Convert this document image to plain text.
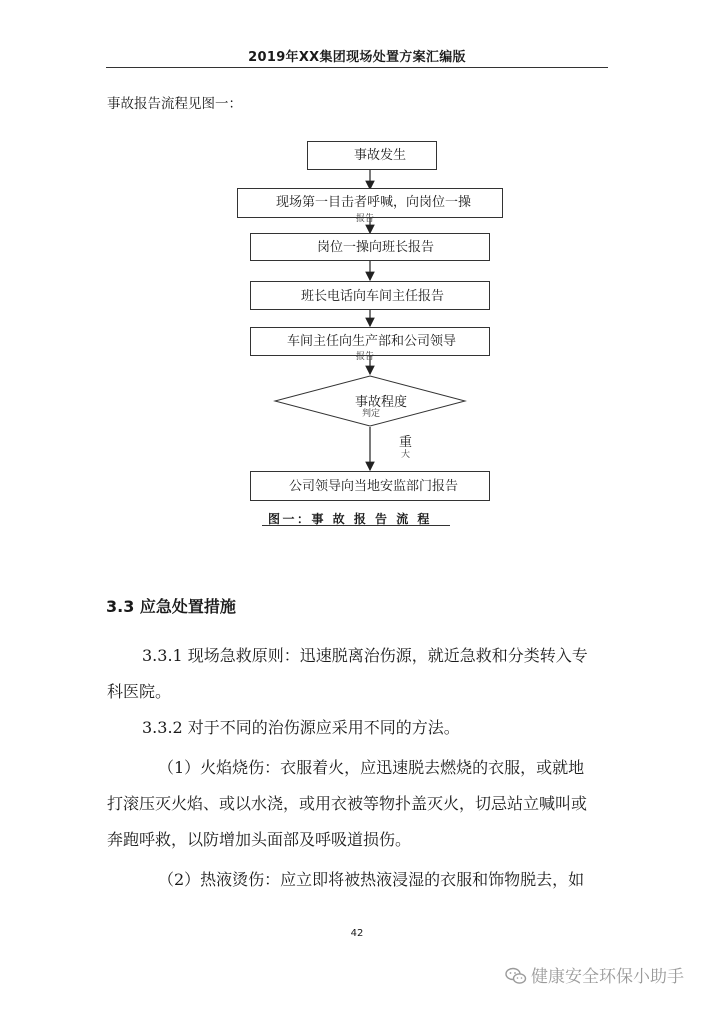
2019年XX集团现场处置方案汇编版
事故报告流程见图一：
事故发生
现场第一目击者呼喊，向岗位一操
报告
岗位一操向班长报告
班长电话向车间主任报告
车间主任向生产部和公司领导
报告
事故程度
判定
重
大
公司领导向当地安监部门报告
图一：事 故 报 告 流 程
3.3 应急处置措施
3.3.1 现场急救原则：迅速脱离治伤源，就近急救和分类转入专
科医院。
3.3.2 对于不同的治伤源应采用不同的方法。
（1）火焰烧伤：衣服着火，应迅速脱去燃烧的衣服，或就地
打滚压灭火焰、或以水浇，或用衣被等物扑盖灭火，切忌站立喊叫或
奔跑呼救，以防增加头面部及呼吸道损伤。
（2）热液烫伤：应立即将被热液浸湿的衣服和饰物脱去，如
42
健康安全环保小助手
